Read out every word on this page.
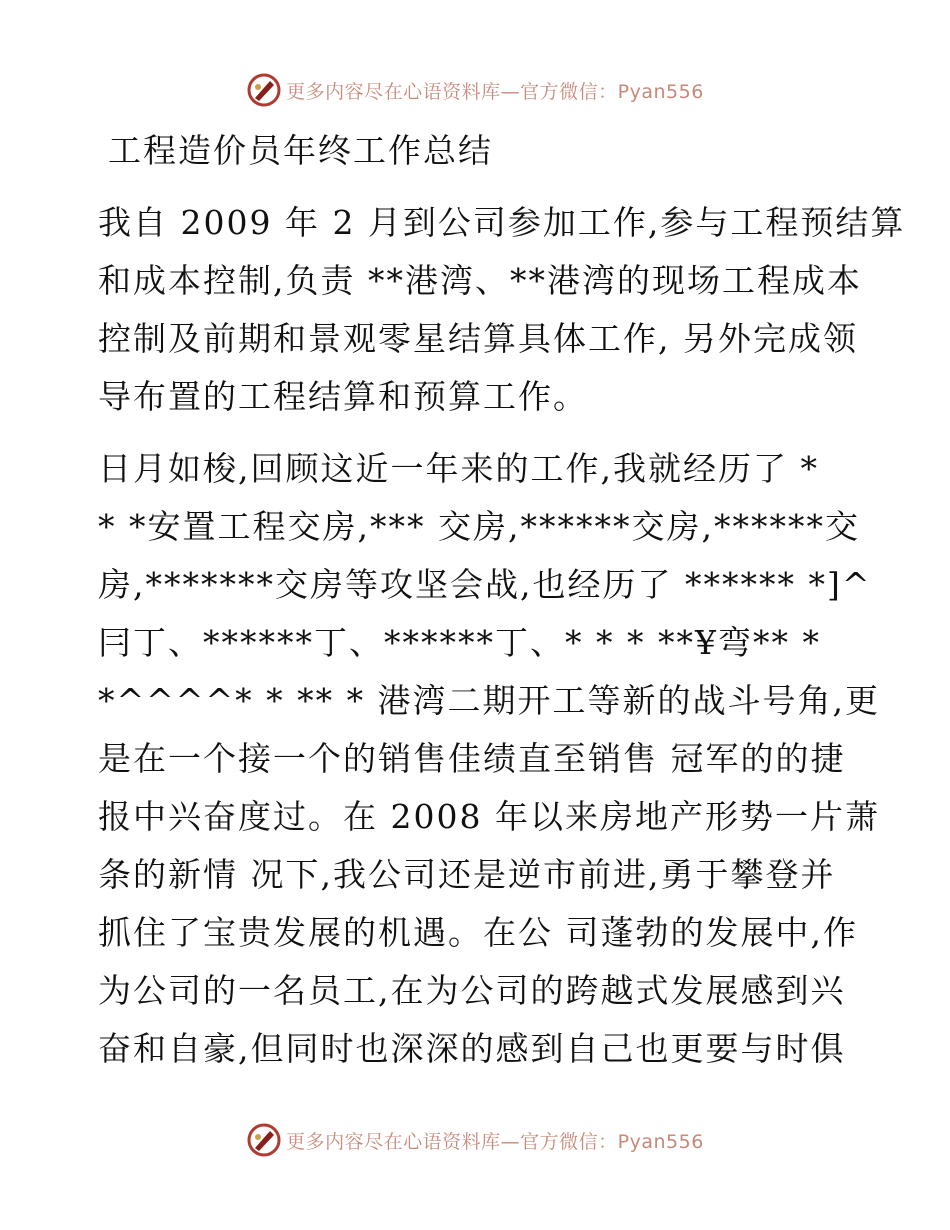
更多内容尽在心语资料库—官方微信：Pyan556
工程造价员年终工作总结
我自 2009 年 2 月到公司参加工作,参与工程预结算
和成本控制,负责 **港湾、**港湾的现场工程成本
控制及前期和景观零星结算具体工作, 另外完成领
导布置的工程结算和预算工作。
日月如梭,回顾这近一年来的工作,我就经历了 *
* *安置工程交房,*** 交房,******交房,******交
房,*******交房等攻坚会战,也经历了 ****** *]^
冃丁、******丁、******丁、* * * **¥弯** *
*^^^^* * ** * 港湾二期开工等新的战斗号角,更
是在一个接一个的销售佳绩直至销售 冠军的的捷
报中兴奋度过。在 2008 年以来房地产形势一片萧
条的新情 况下,我公司还是逆市前进,勇于攀登并
抓住了宝贵发展的机遇。在公 司蓬勃的发展中,作
为公司的一名员工,在为公司的跨越式发展感到兴
奋和自豪,但同时也深深的感到自己也更要与时俱
更多内容尽在心语资料库—官方微信：Pyan556
